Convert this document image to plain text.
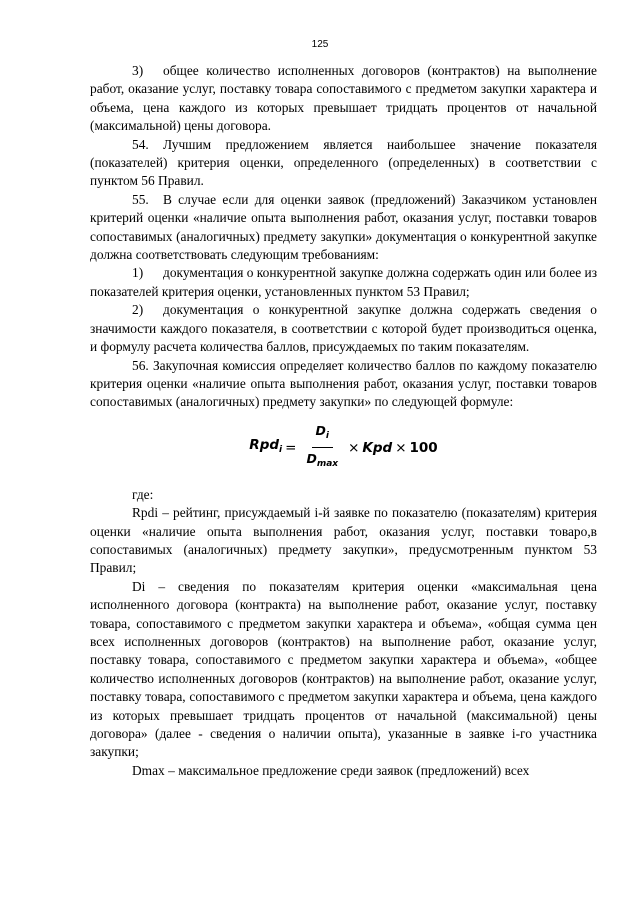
125

3) общее количество исполненных договоров (контрактов) на выполнение работ, оказание услуг, поставку товара сопоставимого с предметом закупки характера и объема, цена каждого из которых превышает тридцать процентов от начальной (максимальной) цены договора.

54. Лучшим предложением является наибольшее значение показателя (показателей) критерия оценки, определенного (определенных) в соответствии с пунктом 56 Правил.

55. В случае если для оценки заявок (предложений) Заказчиком установлен критерий оценки «наличие опыта выполнения работ, оказания услуг, поставки товаров сопоставимых (аналогичных) предмету закупки» документация о конкурентной закупке должна соответствовать следующим требованиям:

1) документация о конкурентной закупке должна содержать один или более из показателей критерия оценки, установленных пунктом 53 Правил;

2) документация о конкурентной закупке должна содержать сведения о значимости каждого показателя, в соответствии с которой будет производиться оценка, и формулу расчета количества баллов, присуждаемых по таким показателям.

56. Закупочная комиссия определяет количество баллов по каждому показателю критерия оценки «наличие опыта выполнения работ, оказания услуг, поставки товаров сопоставимых (аналогичных) предмету закупки» по следующей формуле:

$Rpd_i = \frac{D_i}{D_{max}}$ × Kpd × 100

где:

Rpdi – рейтинг, присуждаемый i-й заявке по показателю (показателям) критерия оценки «наличие опыта выполнения работ, оказания услуг, поставки товаро,в сопоставимых (аналогичных) предмету закупки», предусмотренным пунктом 53 Правил;

Di – сведения по показателям критерия оценки «максимальная цена исполненного договора (контракта) на выполнение работ, оказание услуг, поставку товара, сопоставимого с предметом закупки характера и объема», «общая сумма цен всех исполненных договоров (контрактов) на выполнение работ, оказание услуг, поставку товара, сопоставимого с предметом закупки характера и объема», «общее количество исполненных договоров (контрактов) на выполнение работ, оказание услуг, поставку товара, сопоставимого с предметом закупки характера и объема, цена каждого из которых превышает тридцать процентов от начальной (максимальной) цены договора» (далее - сведения о наличии опыта), указанные в заявке i-го участника закупки;

Dmax – максимальное предложение среди заявок (предложений) всех
